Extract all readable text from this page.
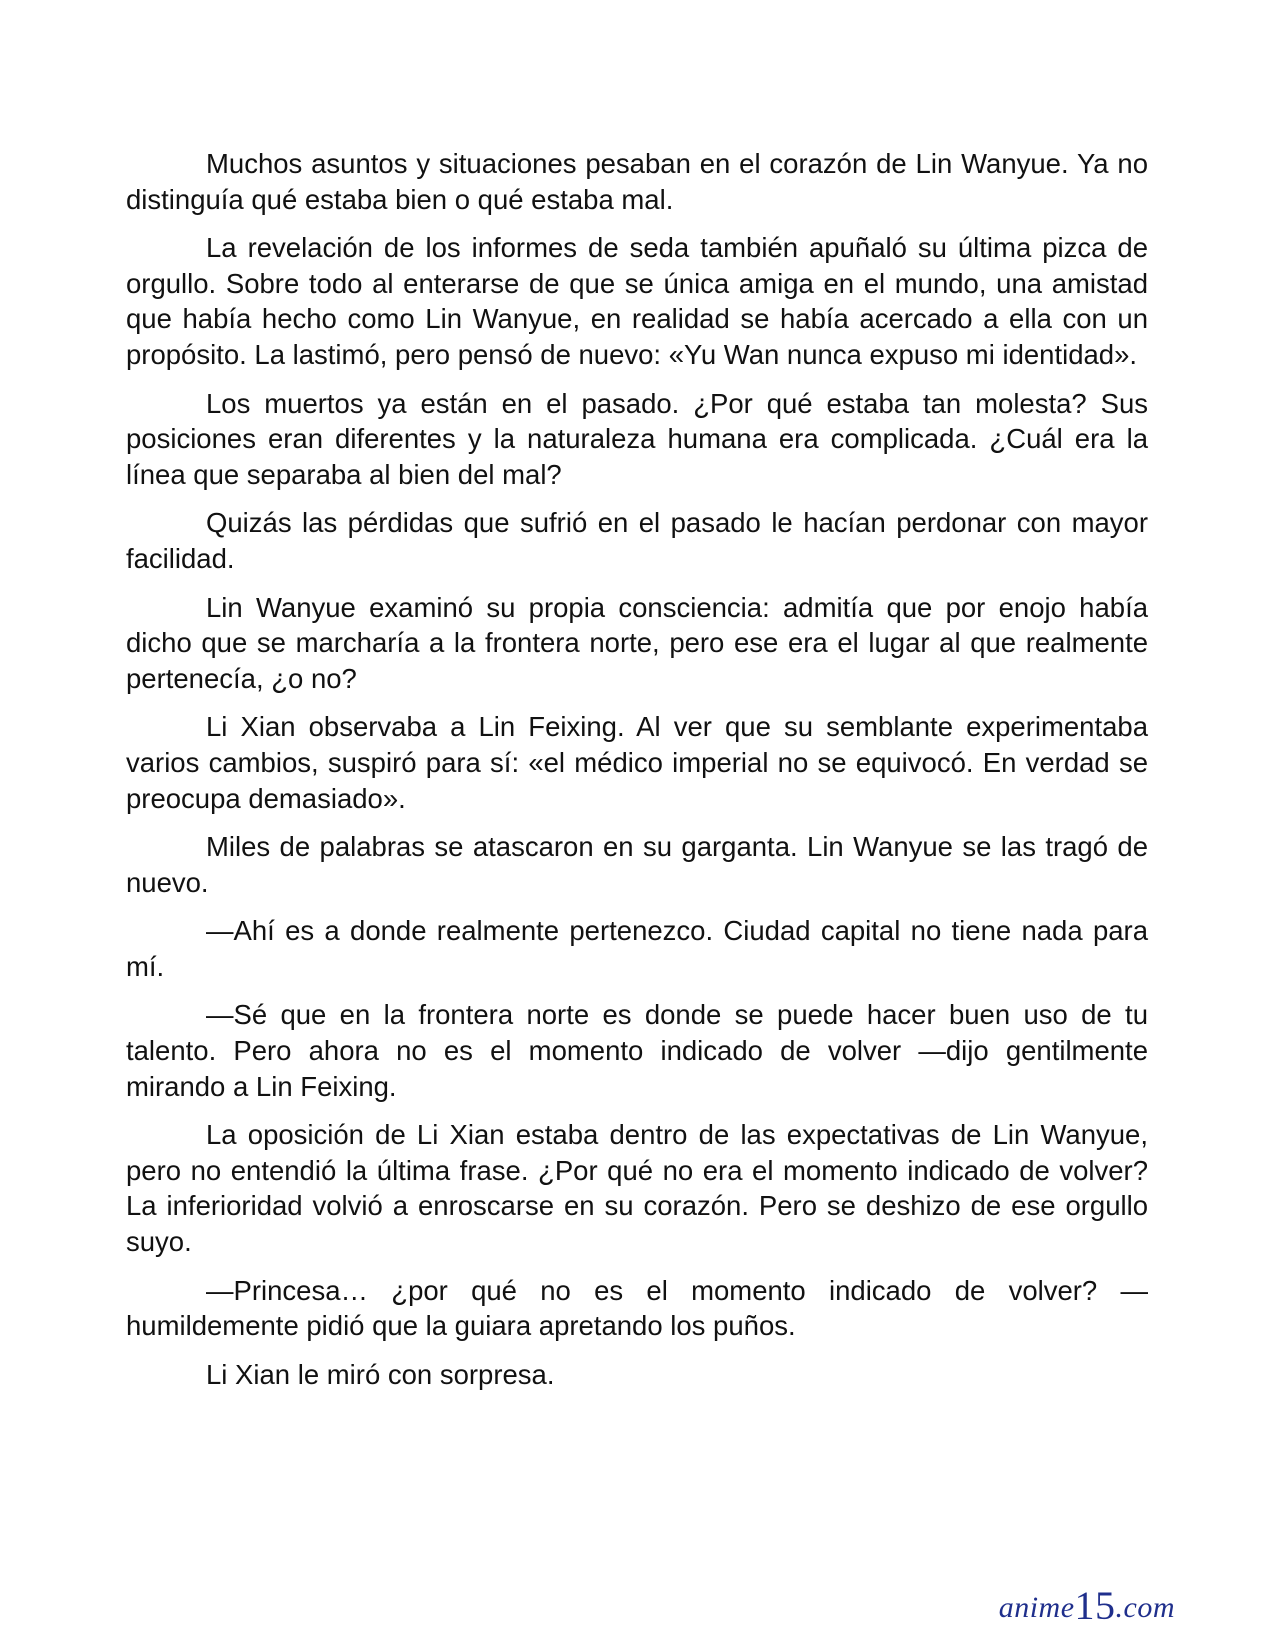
Muchos asuntos y situaciones pesaban en el corazón de Lin Wanyue. Ya no distinguía qué estaba bien o qué estaba mal.

La revelación de los informes de seda también apuñaló su última pizca de orgullo. Sobre todo al enterarse de que se única amiga en el mundo, una amistad que había hecho como Lin Wanyue, en realidad se había acercado a ella con un propósito. La lastimó, pero pensó de nuevo: «Yu Wan nunca expuso mi identidad».

Los muertos ya están en el pasado. ¿Por qué estaba tan molesta? Sus posiciones eran diferentes y la naturaleza humana era complicada. ¿Cuál era la línea que separaba al bien del mal?

Quizás las pérdidas que sufrió en el pasado le hacían perdonar con mayor facilidad.

Lin Wanyue examinó su propia consciencia: admitía que por enojo había dicho que se marcharía a la frontera norte, pero ese era el lugar al que realmente pertenecía, ¿o no?

Li Xian observaba a Lin Feixing. Al ver que su semblante experimentaba varios cambios, suspiró para sí: «el médico imperial no se equivocó. En verdad se preocupa demasiado».

Miles de palabras se atascaron en su garganta. Lin Wanyue se las tragó de nuevo.

—Ahí es a donde realmente pertenezco. Ciudad capital no tiene nada para mí.

—Sé que en la frontera norte es donde se puede hacer buen uso de tu talento. Pero ahora no es el momento indicado de volver —dijo gentilmente mirando a Lin Feixing.

La oposición de Li Xian estaba dentro de las expectativas de Lin Wanyue, pero no entendió la última frase. ¿Por qué no era el momento indicado de volver? La inferioridad volvió a enroscarse en su corazón. Pero se deshizo de ese orgullo suyo.

—Princesa… ¿por qué no es el momento indicado de volver? —humildemente pidió que la guiara apretando los puños.

Li Xian le miró con sorpresa.

anime15.com
